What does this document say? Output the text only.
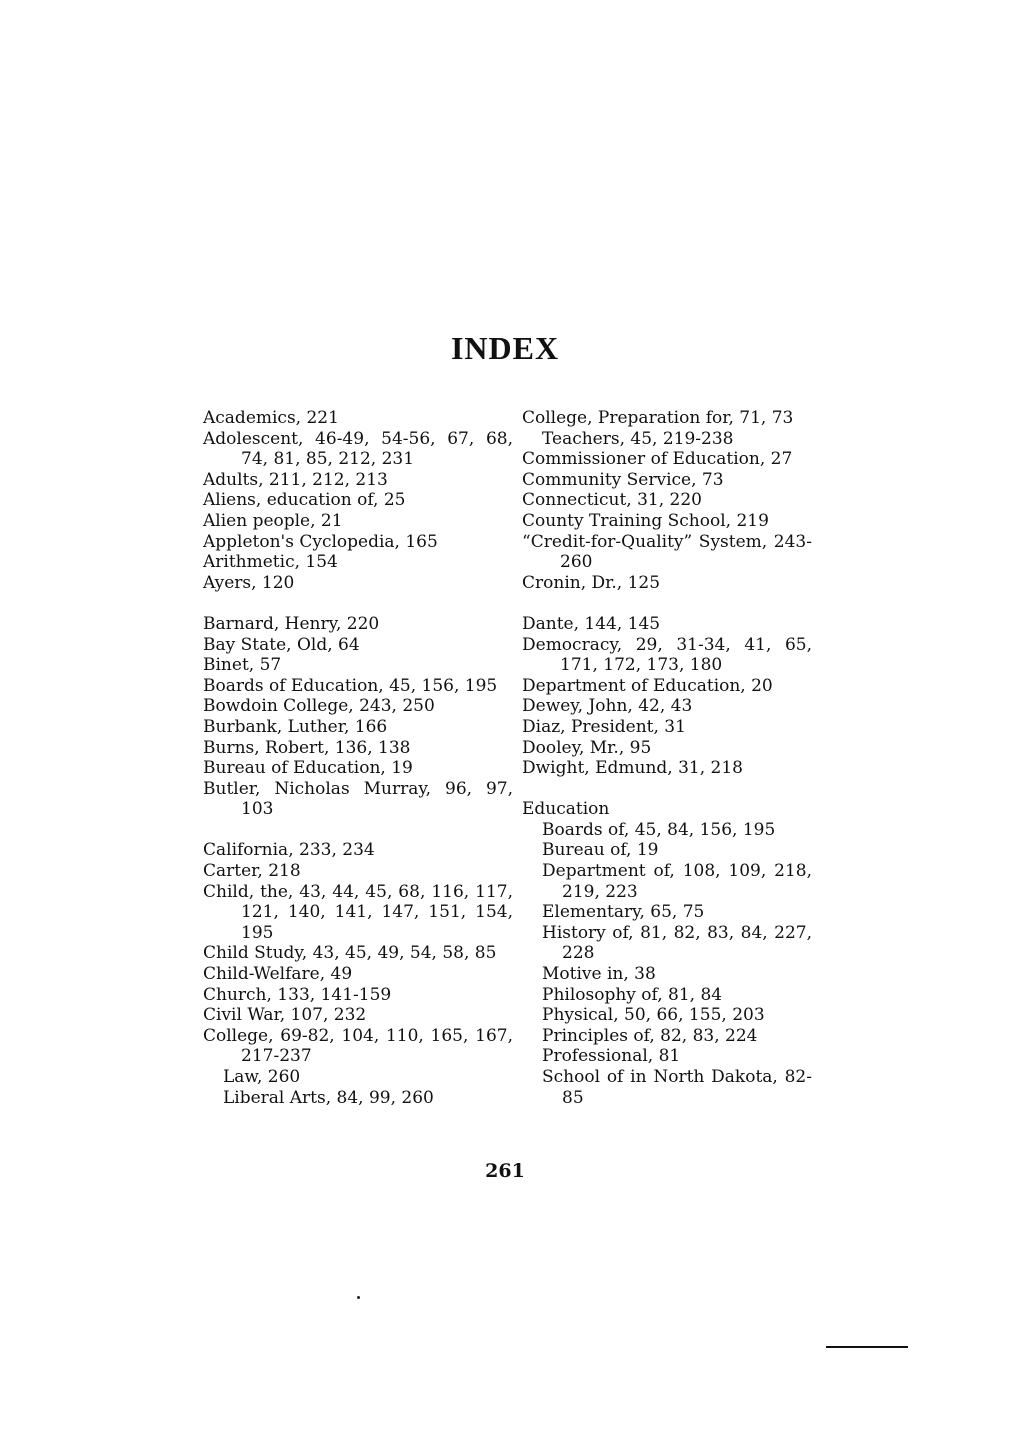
INDEX
Academics, 221
Adolescent, 46-49, 54-56, 67, 68, 74, 81, 85, 212, 231
Adults, 211, 212, 213
Aliens, education of, 25
Alien people, 21
Appleton's Cyclopedia, 165
Arithmetic, 154
Ayers, 120
Barnard, Henry, 220
Bay State, Old, 64
Binet, 57
Boards of Education, 45, 156, 195
Bowdoin College, 243, 250
Burbank, Luther, 166
Burns, Robert, 136, 138
Bureau of Education, 19
Butler, Nicholas Murray, 96, 97, 103
California, 233, 234
Carter, 218
Child, the, 43, 44, 45, 68, 116, 117, 121, 140, 141, 147, 151, 154, 195
Child Study, 43, 45, 49, 54, 58, 85
Child-Welfare, 49
Church, 133, 141-159
Civil War, 107, 232
College, 69-82, 104, 110, 165, 167, 217-237
Law, 260
Liberal Arts, 84, 99, 260
College, Preparation for, 71, 73
Teachers, 45, 219-238
Commissioner of Education, 27
Community Service, 73
Connecticut, 31, 220
County Training School, 219
“Credit-for-Quality” System, 243-260
Cronin, Dr., 125
Dante, 144, 145
Democracy, 29, 31-34, 41, 65, 171, 172, 173, 180
Department of Education, 20
Dewey, John, 42, 43
Diaz, President, 31
Dooley, Mr., 95
Dwight, Edmund, 31, 218
Education
Boards of, 45, 84, 156, 195
Bureau of, 19
Department of, 108, 109, 218, 219, 223
Elementary, 65, 75
History of, 81, 82, 83, 84, 227, 228
Motive in, 38
Philosophy of, 81, 84
Physical, 50, 66, 155, 203
Principles of, 82, 83, 224
Professional, 81
School of in North Dakota, 82-85
261
